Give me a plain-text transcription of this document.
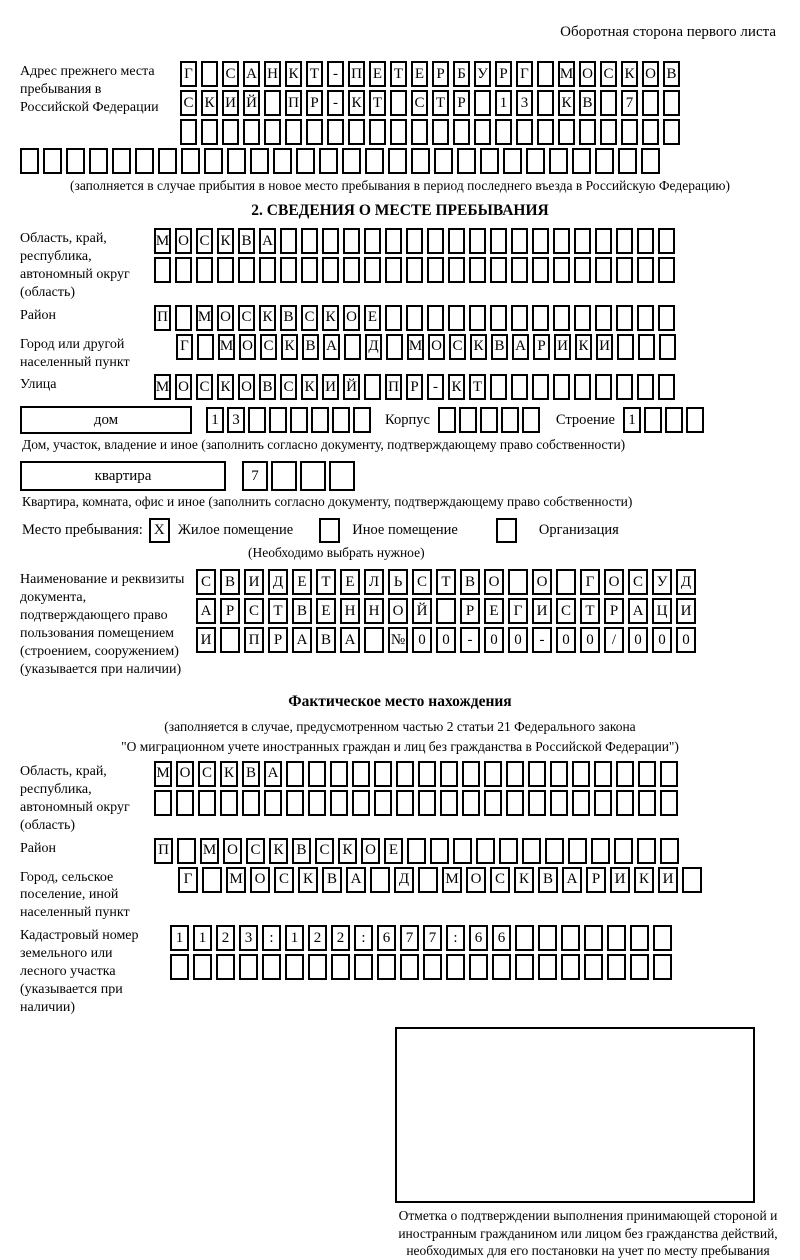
Оборотная сторона первого листа
Адрес прежнего места пребывания в Российской Федерации
Г С А Н К Т - П Е Т Е Р Б У Р Г М О С К О В
С К И Й П Р - К Т С Т Р	1 3	К В	7
(заполняется в случае прибытия в новое место пребывания в период последнего въезда в Российскую Федерацию)
2. СВЕДЕНИЯ О МЕСТЕ ПРЕБЫВАНИЯ
Область, край, республика, автономный округ (область)
М О С К В А
Район	П М О С К В С К О Е
Город или другой населенный пункт
Г М О С К В А Д М О С К В А Р И К И
Улица	М О С К О В С К И Й П Р - К Т
дом	1 3	Корпус	Строение 1
Дом, участок, владение и иное (заполнить согласно документу, подтверждающему право собственности)
квартира	7
Квартира, комната, офис и иное (заполнить согласно документу, подтверждающему право собственности)
Место пребывания: X Жилое помещение	Иное помещение	Организация
(Необходимо выбрать нужное)
Наименование и реквизиты документа, подтверждающего право пользования помещением (строением, сооружением) (указывается при наличии)
С В И Д Е Т Е Л Ь С Т В О	О	Г О С У Д
А Р С Т В Е Н Н О Й	Р	Е	Г И С Т	Р А Ц И
И	П Р А В А	№ 0	0	-	0	0	-	0	0	/	0	0	0
Фактическое место нахождения
(заполняется в случае, предусмотренном частью 2 статьи 21 Федерального закона
"О миграционном учете иностранных граждан и лиц без гражданства в Российской Федерации")
Область, край, республика, автономный округ (область)
М О С К В А
Район	П М О С К В С К О Е
Город, сельское поселение, иной населенный пункт
Г	М О С К В А	Д	М О С К В А Р И К И
Кадастровый номер земельного или лесного участка (указывается при наличии)
1	1	2	3	:	1	2	2	:	6	7	7	:	6	6
Отметка о подтверждении выполнения принимающей стороной и иностранным гражданином или лицом без гражданства действий, необходимых для его постановки на учет по месту пребывания
